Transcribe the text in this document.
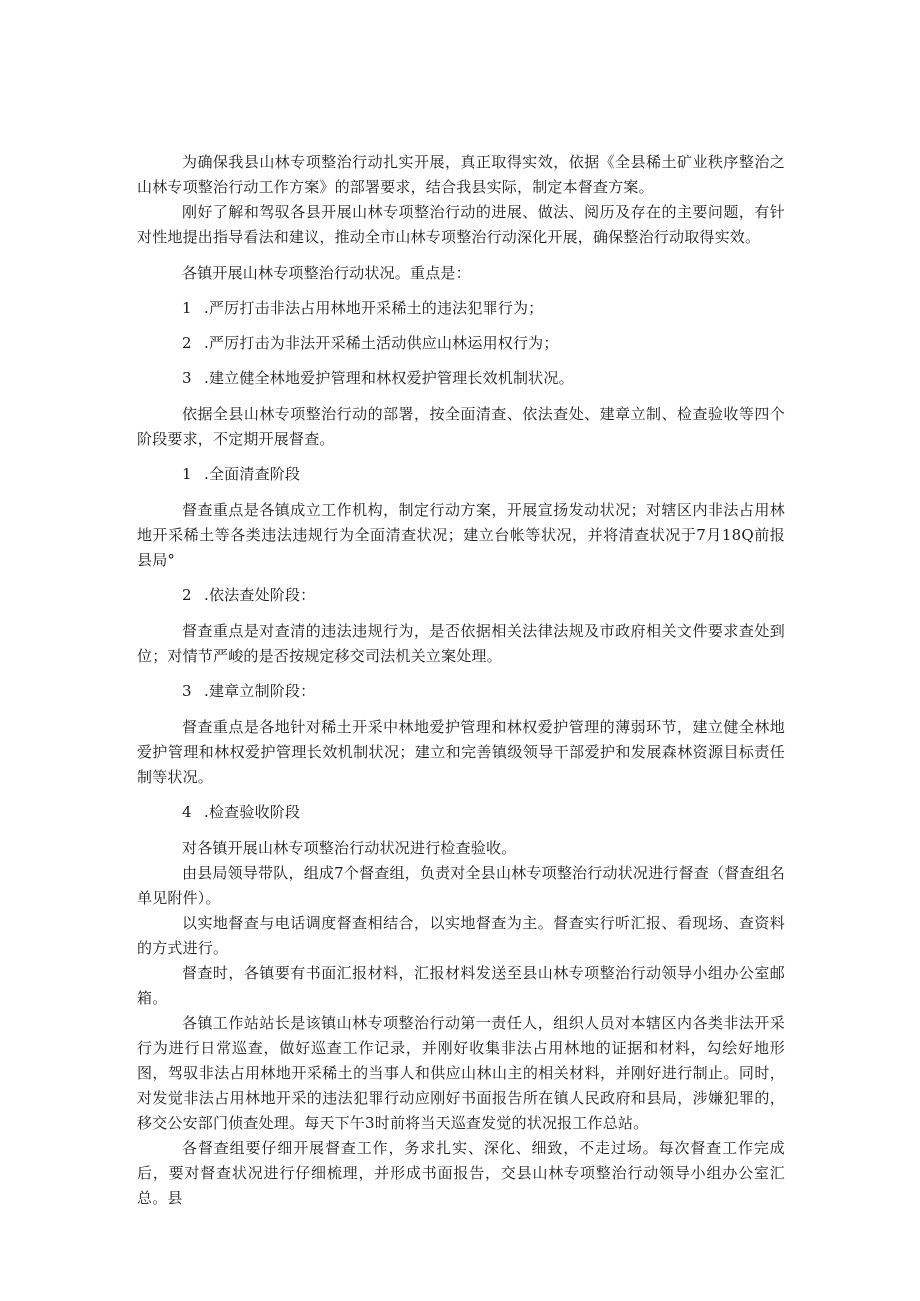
为确保我县山林专项整治行动扎实开展，真正取得实效，依据《全县稀土矿业秩序整治之山林专项整治行动工作方案》的部署要求，结合我县实际，制定本督查方案。

刚好了解和驾驭各县开展山林专项整治行动的进展、做法、阅历及存在的主要问题，有针对性地提出指导看法和建议，推动全市山林专项整治行动深化开展，确保整治行动取得实效。

各镇开展山林专项整治行动状况。重点是：

1 .严厉打击非法占用林地开采稀土的违法犯罪行为；
2 .严厉打击为非法开采稀土活动供应山林运用权行为；
3 .建立健全林地爱护管理和林权爱护管理长效机制状况。

依据全县山林专项整治行动的部署，按全面清查、依法查处、建章立制、检查验收等四个阶段要求，不定期开展督查。

1 .全面清查阶段

督查重点是各镇成立工作机构，制定行动方案，开展宣扬发动状况；对辖区内非法占用林地开采稀土等各类违法违规行为全面清查状况；建立台帐等状况，并将清查状况于7月18Q前报县局°

2 .依法查处阶段：

督查重点是对查清的违法违规行为，是否依据相关法律法规及市政府相关文件要求查处到位；对情节严峻的是否按规定移交司法机关立案处理。

3 .建章立制阶段：

督查重点是各地针对稀土开采中林地爱护管理和林权爱护管理的薄弱环节，建立健全林地爱护管理和林权爱护管理长效机制状况；建立和完善镇级领导干部爱护和发展森林资源目标责任制等状况。

4 .检查验收阶段

对各镇开展山林专项整治行动状况进行检查验收。

由县局领导带队，组成7个督查组，负责对全县山林专项整治行动状况进行督查（督查组名单见附件）。

以实地督查与电话调度督查相结合，以实地督查为主。督查实行听汇报、看现场、查资料的方式进行。

督查时，各镇要有书面汇报材料，汇报材料发送至县山林专项整治行动领导小组办公室邮箱。

各镇工作站站长是该镇山林专项整治行动第一责任人，组织人员对本辖区内各类非法开采行为进行日常巡查，做好巡查工作记录，并刚好收集非法占用林地的证据和材料，勾绘好地形图，驾驭非法占用林地开采稀土的当事人和供应山林山主的相关材料，并刚好进行制止。同时，对发觉非法占用林地开采的违法犯罪行动应刚好书面报告所在镇人民政府和县局，涉嫌犯罪的，移交公安部门侦查处理。每天下午3时前将当天巡查发觉的状况报工作总站。

各督查组要仔细开展督查工作，务求扎实、深化、细致，不走过场。每次督查工作完成后，要对督查状况进行仔细梳理，并形成书面报告，交县山林专项整治行动领导小组办公室汇总。县
